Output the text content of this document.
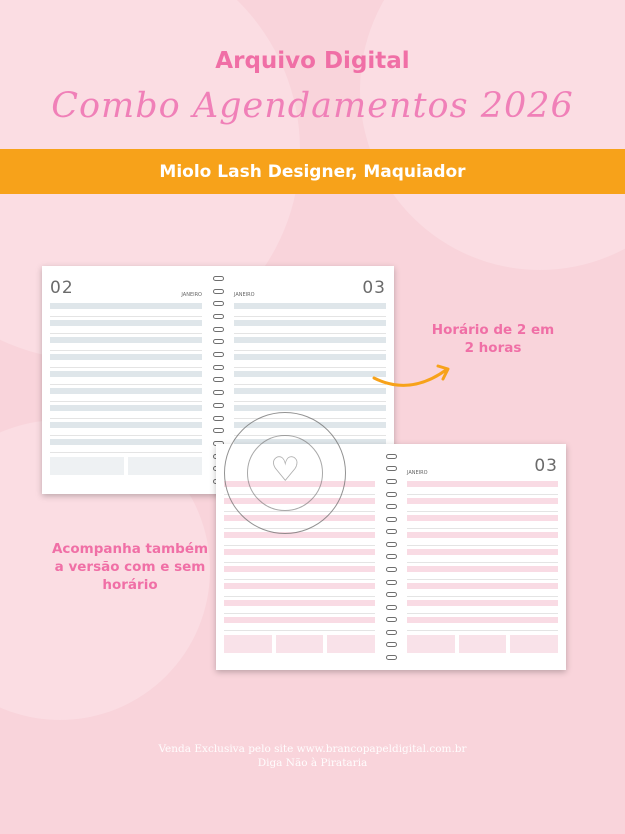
Arquivo Digital
Combo Agendamentos 2026
Miolo Lash Designer, Maquiador
02	JANEIRO	JANEIRO	03
JANEIRO	03
♡
Horário de 2 em 2 horas
Acompanha também a versão com e sem horário
Venda Exclusiva pelo site www.brancopapeldigital.com.br
Diga Não à Pirataria
